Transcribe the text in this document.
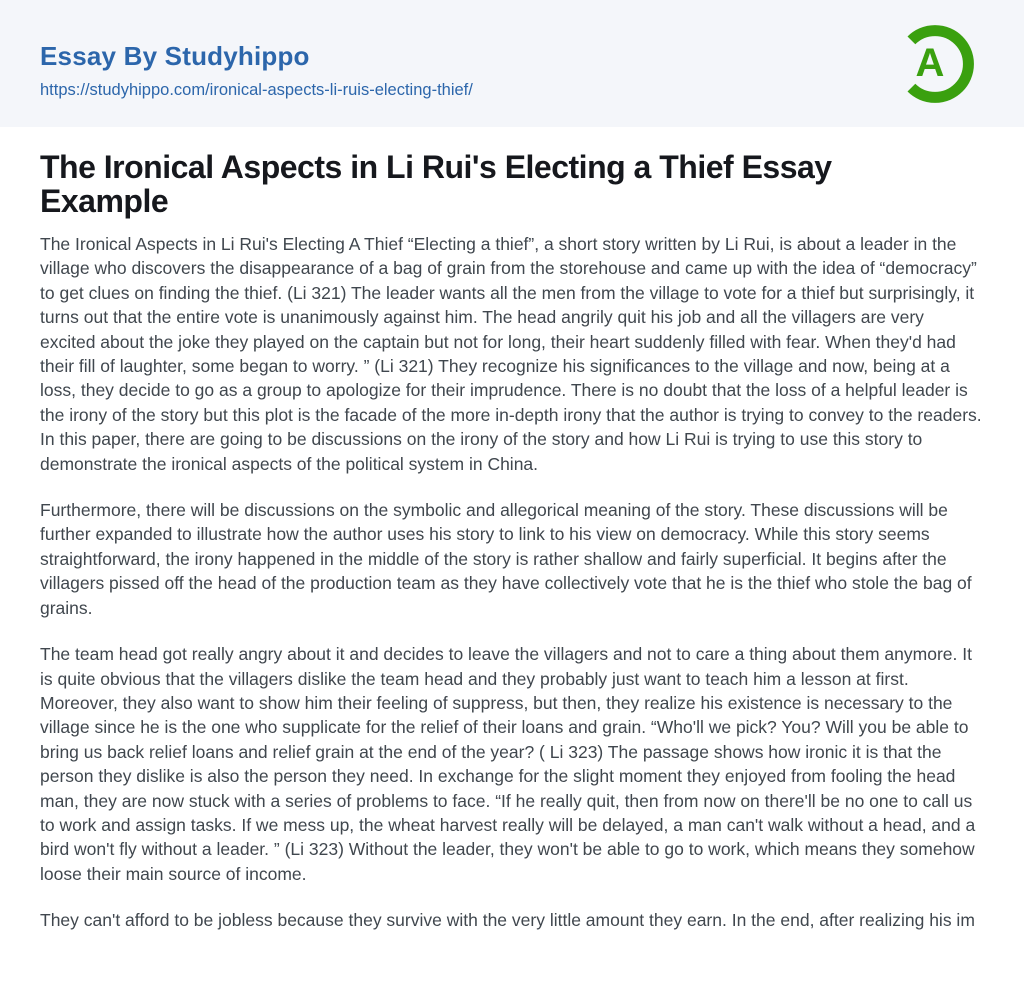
Essay By Studyhippo
https://studyhippo.com/ironical-aspects-li-ruis-electing-thief/
A
The Ironical Aspects in Li Rui's Electing a Thief Essay Example

The Ironical Aspects in Li Rui's Electing A Thief “Electing a thief”, a short story written by Li Rui, is about a leader in the village who discovers the disappearance of a bag of grain from the storehouse and came up with the idea of “democracy” to get clues on finding the thief. (Li 321) The leader wants all the men from the village to vote for a thief but surprisingly, it turns out that the entire vote is unanimously against him. The head angrily quit his job and all the villagers are very excited about the joke they played on the captain but not for long, their heart suddenly filled with fear. When they'd had their fill of laughter, some began to worry. ” (Li 321) They recognize his significances to the village and now, being at a loss, they decide to go as a group to apologize for their imprudence. There is no doubt that the loss of a helpful leader is the irony of the story but this plot is the facade of the more in-depth irony that the author is trying to convey to the readers. In this paper, there are going to be discussions on the irony of the story and how Li Rui is trying to use this story to demonstrate the ironical aspects of the political system in China.

Furthermore, there will be discussions on the symbolic and allegorical meaning of the story. These discussions will be further expanded to illustrate how the author uses his story to link to his view on democracy. While this story seems straightforward, the irony happened in the middle of the story is rather shallow and fairly superficial. It begins after the villagers pissed off the head of the production team as they have collectively vote that he is the thief who stole the bag of grains.

The team head got really angry about it and decides to leave the villagers and not to care a thing about them anymore. It is quite obvious that the villagers dislike the team head and they probably just want to teach him a lesson at first. Moreover, they also want to show him their feeling of suppress, but then, they realize his existence is necessary to the village since he is the one who supplicate for the relief of their loans and grain. “Who'll we pick? You? Will you be able to bring us back relief loans and relief grain at the end of the year? ( Li 323) The passage shows how ironic it is that the person they dislike is also the person they need. In exchange for the slight moment they enjoyed from fooling the head man, they are now stuck with a series of problems to face. “If he really quit, then from now on there'll be no one to call us to work and assign tasks. If we mess up, the wheat harvest really will be delayed, a man can't walk without a head, and a bird won't fly without a leader. ” (Li 323) Without the leader, they won't be able to go to work, which means they somehow loose their main source of income.

They can't afford to be jobless because they survive with the very little amount they earn. In the end, after realizing his im
